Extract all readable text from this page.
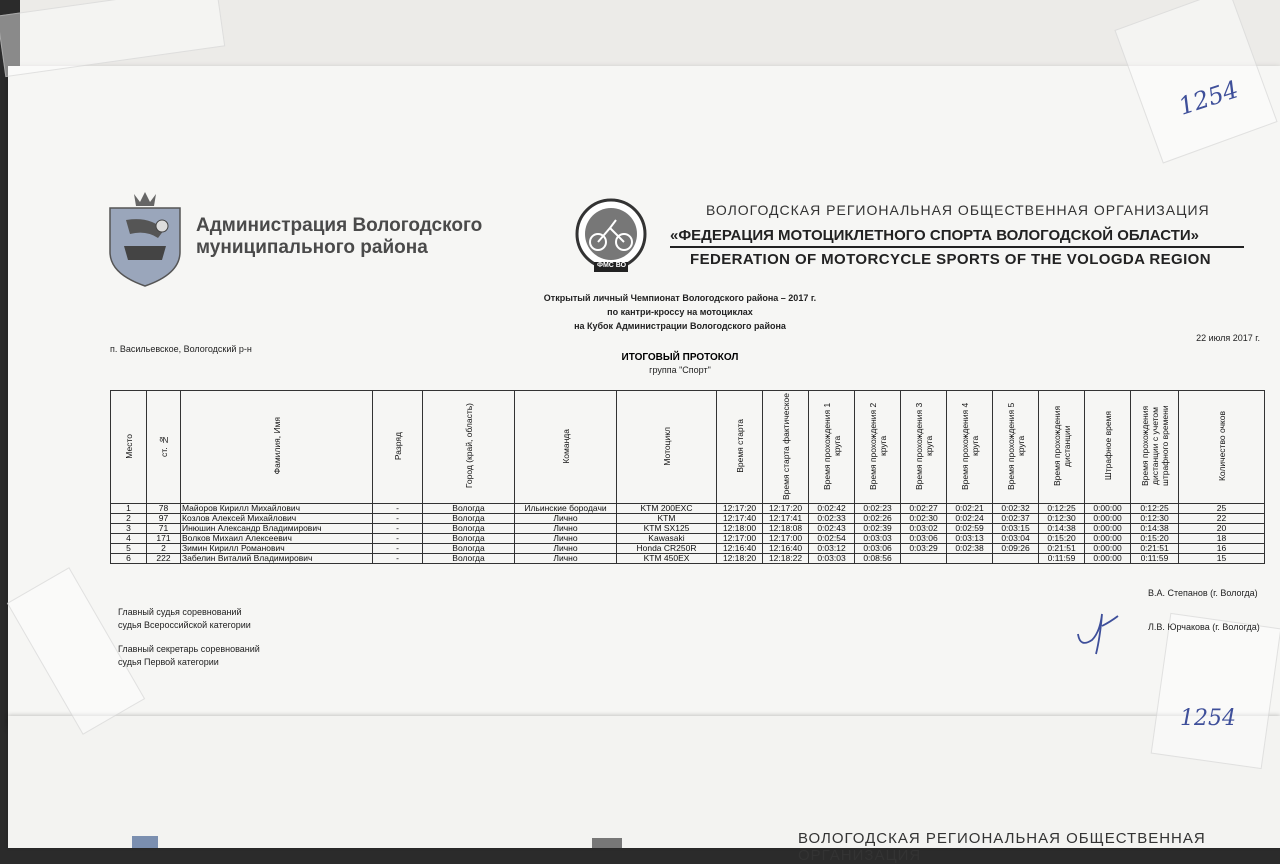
ВОЛОГОДСКАЯ РЕГИОНАЛЬНАЯ ОБЩЕСТВЕННАЯ ОРГАНИЗАЦИЯ
1254
1254
Администрация Вологодского
муниципального района
ФМС ВО
ВОЛОГОДСКАЯ РЕГИОНАЛЬНАЯ ОБЩЕСТВЕННАЯ ОРГАНИЗАЦИЯ
«ФЕДЕРАЦИЯ МОТОЦИКЛЕТНОГО СПОРТА ВОЛОГОДСКОЙ ОБЛАСТИ»
FEDERATION OF MOTORCYCLE SPORTS OF THE VOLOGDA REGION
Открытый личный Чемпионат Вологодского района – 2017 г.
по кантри-кроссу на мотоциклах
на Кубок Администрации Вологодского района
п. Васильевское, Вологодский р-н
22 июля 2017 г.
ИТОГОВЫЙ ПРОТОКОЛ
группа "Спорт"
Место	ст. №	Фамилия, Имя	Разряд	Город (край, область)	Команда	Мотоцикл	Время старта	Время старта фактическое	Время прохождения 1 круга	Время прохождения 2 круга	Время прохождения 3 круга	Время прохождения 4 круга	Время прохождения 5 круга	Время прохождения дистанции	Штрафное время	Время прохождения дистанции с учетом штрафного времени	Количество очков
1	78	Майоров Кирилл Михайлович	-	Вологда	Ильинские бородачи	KTM 200EXC	12:17:20	12:17:20	0:02:42	0:02:23	0:02:27	0:02:21	0:02:32	0:12:25	0:00:00	0:12:25	25
2	97	Козлов Алексей Михайлович	-	Вологда	Лично	KTM	12:17:40	12:17:41	0:02:33	0:02:26	0:02:30	0:02:24	0:02:37	0:12:30	0:00:00	0:12:30	22
3	71	Инюшин Александр Владимирович	-	Вологда	Лично	KTM SX125	12:18:00	12:18:08	0:02:43	0:02:39	0:03:02	0:02:59	0:03:15	0:14:38	0:00:00	0:14:38	20
4	171	Волков Михаил Алексеевич	-	Вологда	Лично	Kawasaki	12:17:00	12:17:00	0:02:54	0:03:03	0:03:06	0:03:13	0:03:04	0:15:20	0:00:00	0:15:20	18
5	2	Зимин Кирилл Романович	-	Вологда	Лично	Honda CR250R	12:16:40	12:16:40	0:03:12	0:03:06	0:03:29	0:02:38	0:09:26	0:21:51	0:00:00	0:21:51	16
6	222	Забелин Виталий Владимирович	-	Вологда	Лично	KTM 450EX	12:18:20	12:18:22	0:03:03	0:08:56				0:11:59	0:00:00	0:11:59	15
Главный судья соревнований
судья Всероссийской категории
В.А. Степанов (г. Вологда)
Главный секретарь соревнований
судья Первой категории
Л.В. Юрчакова (г. Вологда)
